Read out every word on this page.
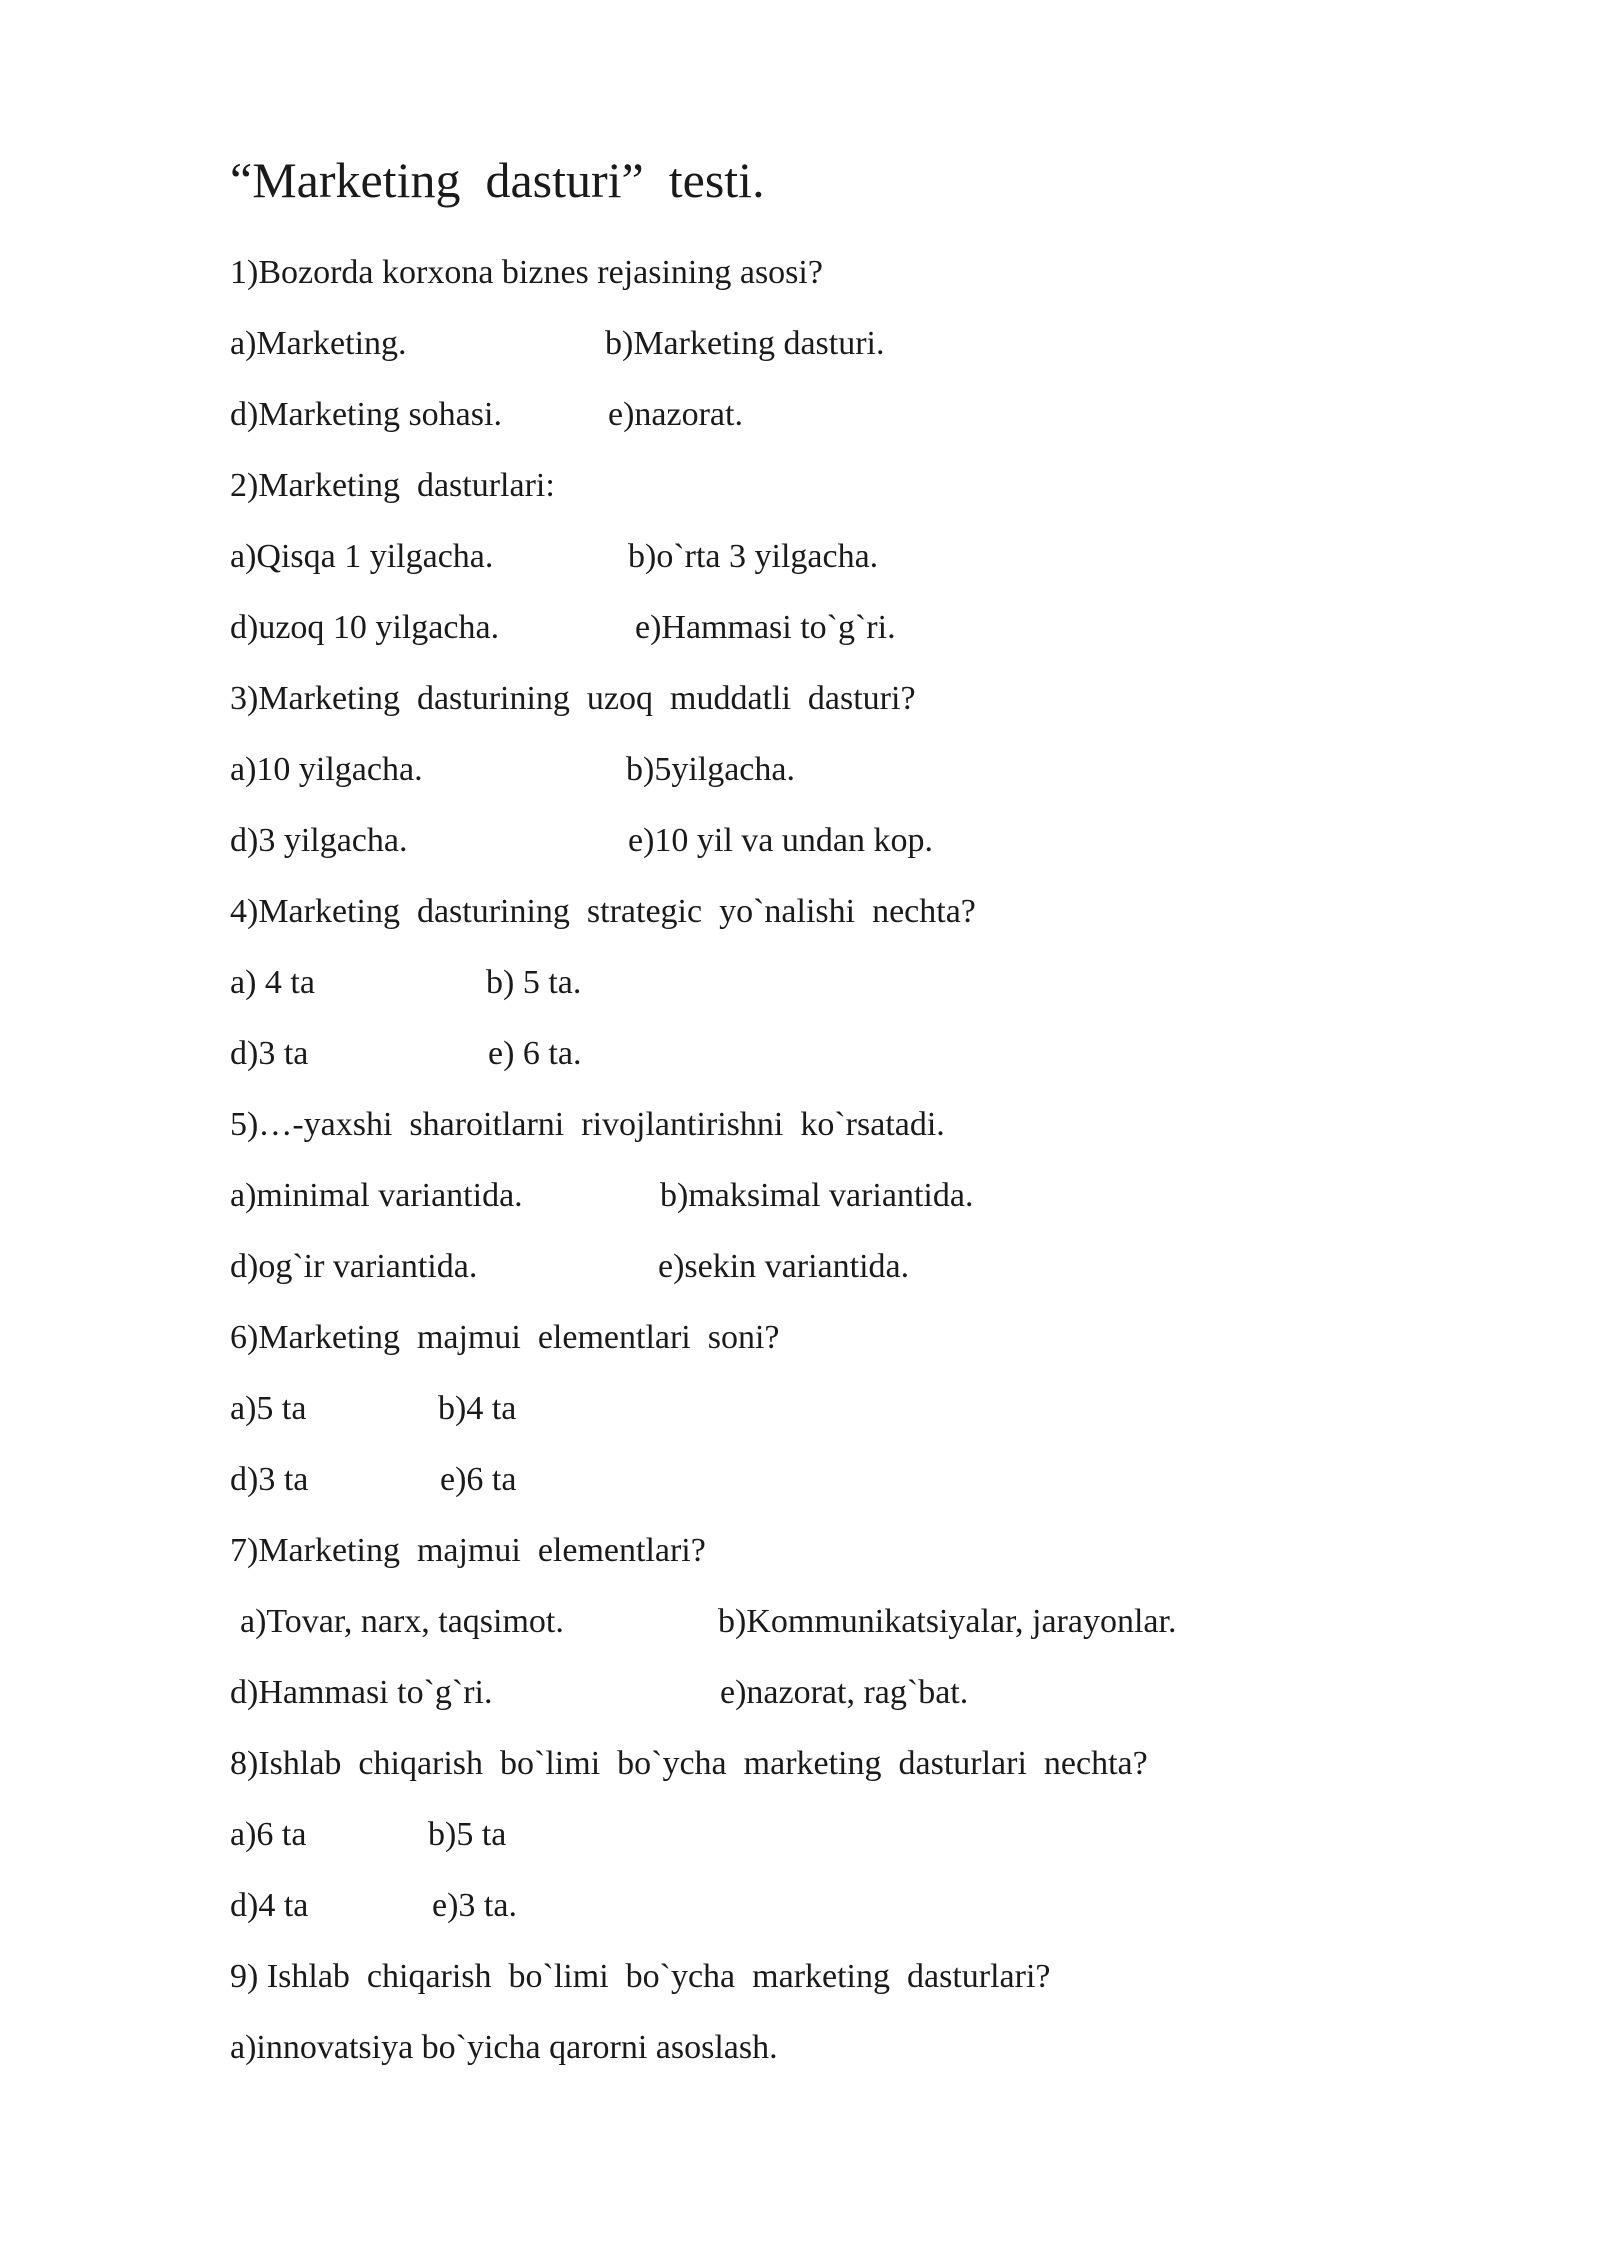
“Marketing  dasturi”  testi.
1)Bozorda korxona biznes rejasining asosi?
a)Marketing.	b)Marketing dasturi.
d)Marketing sohasi.	e)nazorat.
2)Marketing  dasturlari:
a)Qisqa 1 yilgacha.	b)o`rta 3 yilgacha.
d)uzoq 10 yilgacha.	e)Hammasi to`g`ri.
3)Marketing  dasturining  uzoq  muddatli  dasturi?
a)10 yilgacha.	b)5yilgacha.
d)3 yilgacha.	e)10 yil va undan kop.
4)Marketing  dasturining  strategic  yo`nalishi  nechta?
a) 4 ta	b) 5 ta.
d)3 ta	e) 6 ta.
5)…-yaxshi  sharoitlarni  rivojlantirishni  ko`rsatadi.
a)minimal variantida.	b)maksimal variantida.
d)og`ir variantida.	e)sekin variantida.
6)Marketing  majmui  elementlari  soni?
a)5 ta	b)4 ta
d)3 ta	e)6 ta
7)Marketing  majmui  elementlari?
a)Tovar, narx, taqsimot.	b)Kommunikatsiyalar, jarayonlar.
d)Hammasi to`g`ri.	e)nazorat, rag`bat.
8)Ishlab  chiqarish  bo`limi  bo`ycha  marketing  dasturlari  nechta?
a)6 ta	b)5 ta
d)4 ta	e)3 ta.
9) Ishlab  chiqarish  bo`limi  bo`ycha  marketing  dasturlari?
a)innovatsiya bo`yicha qarorni asoslash.
